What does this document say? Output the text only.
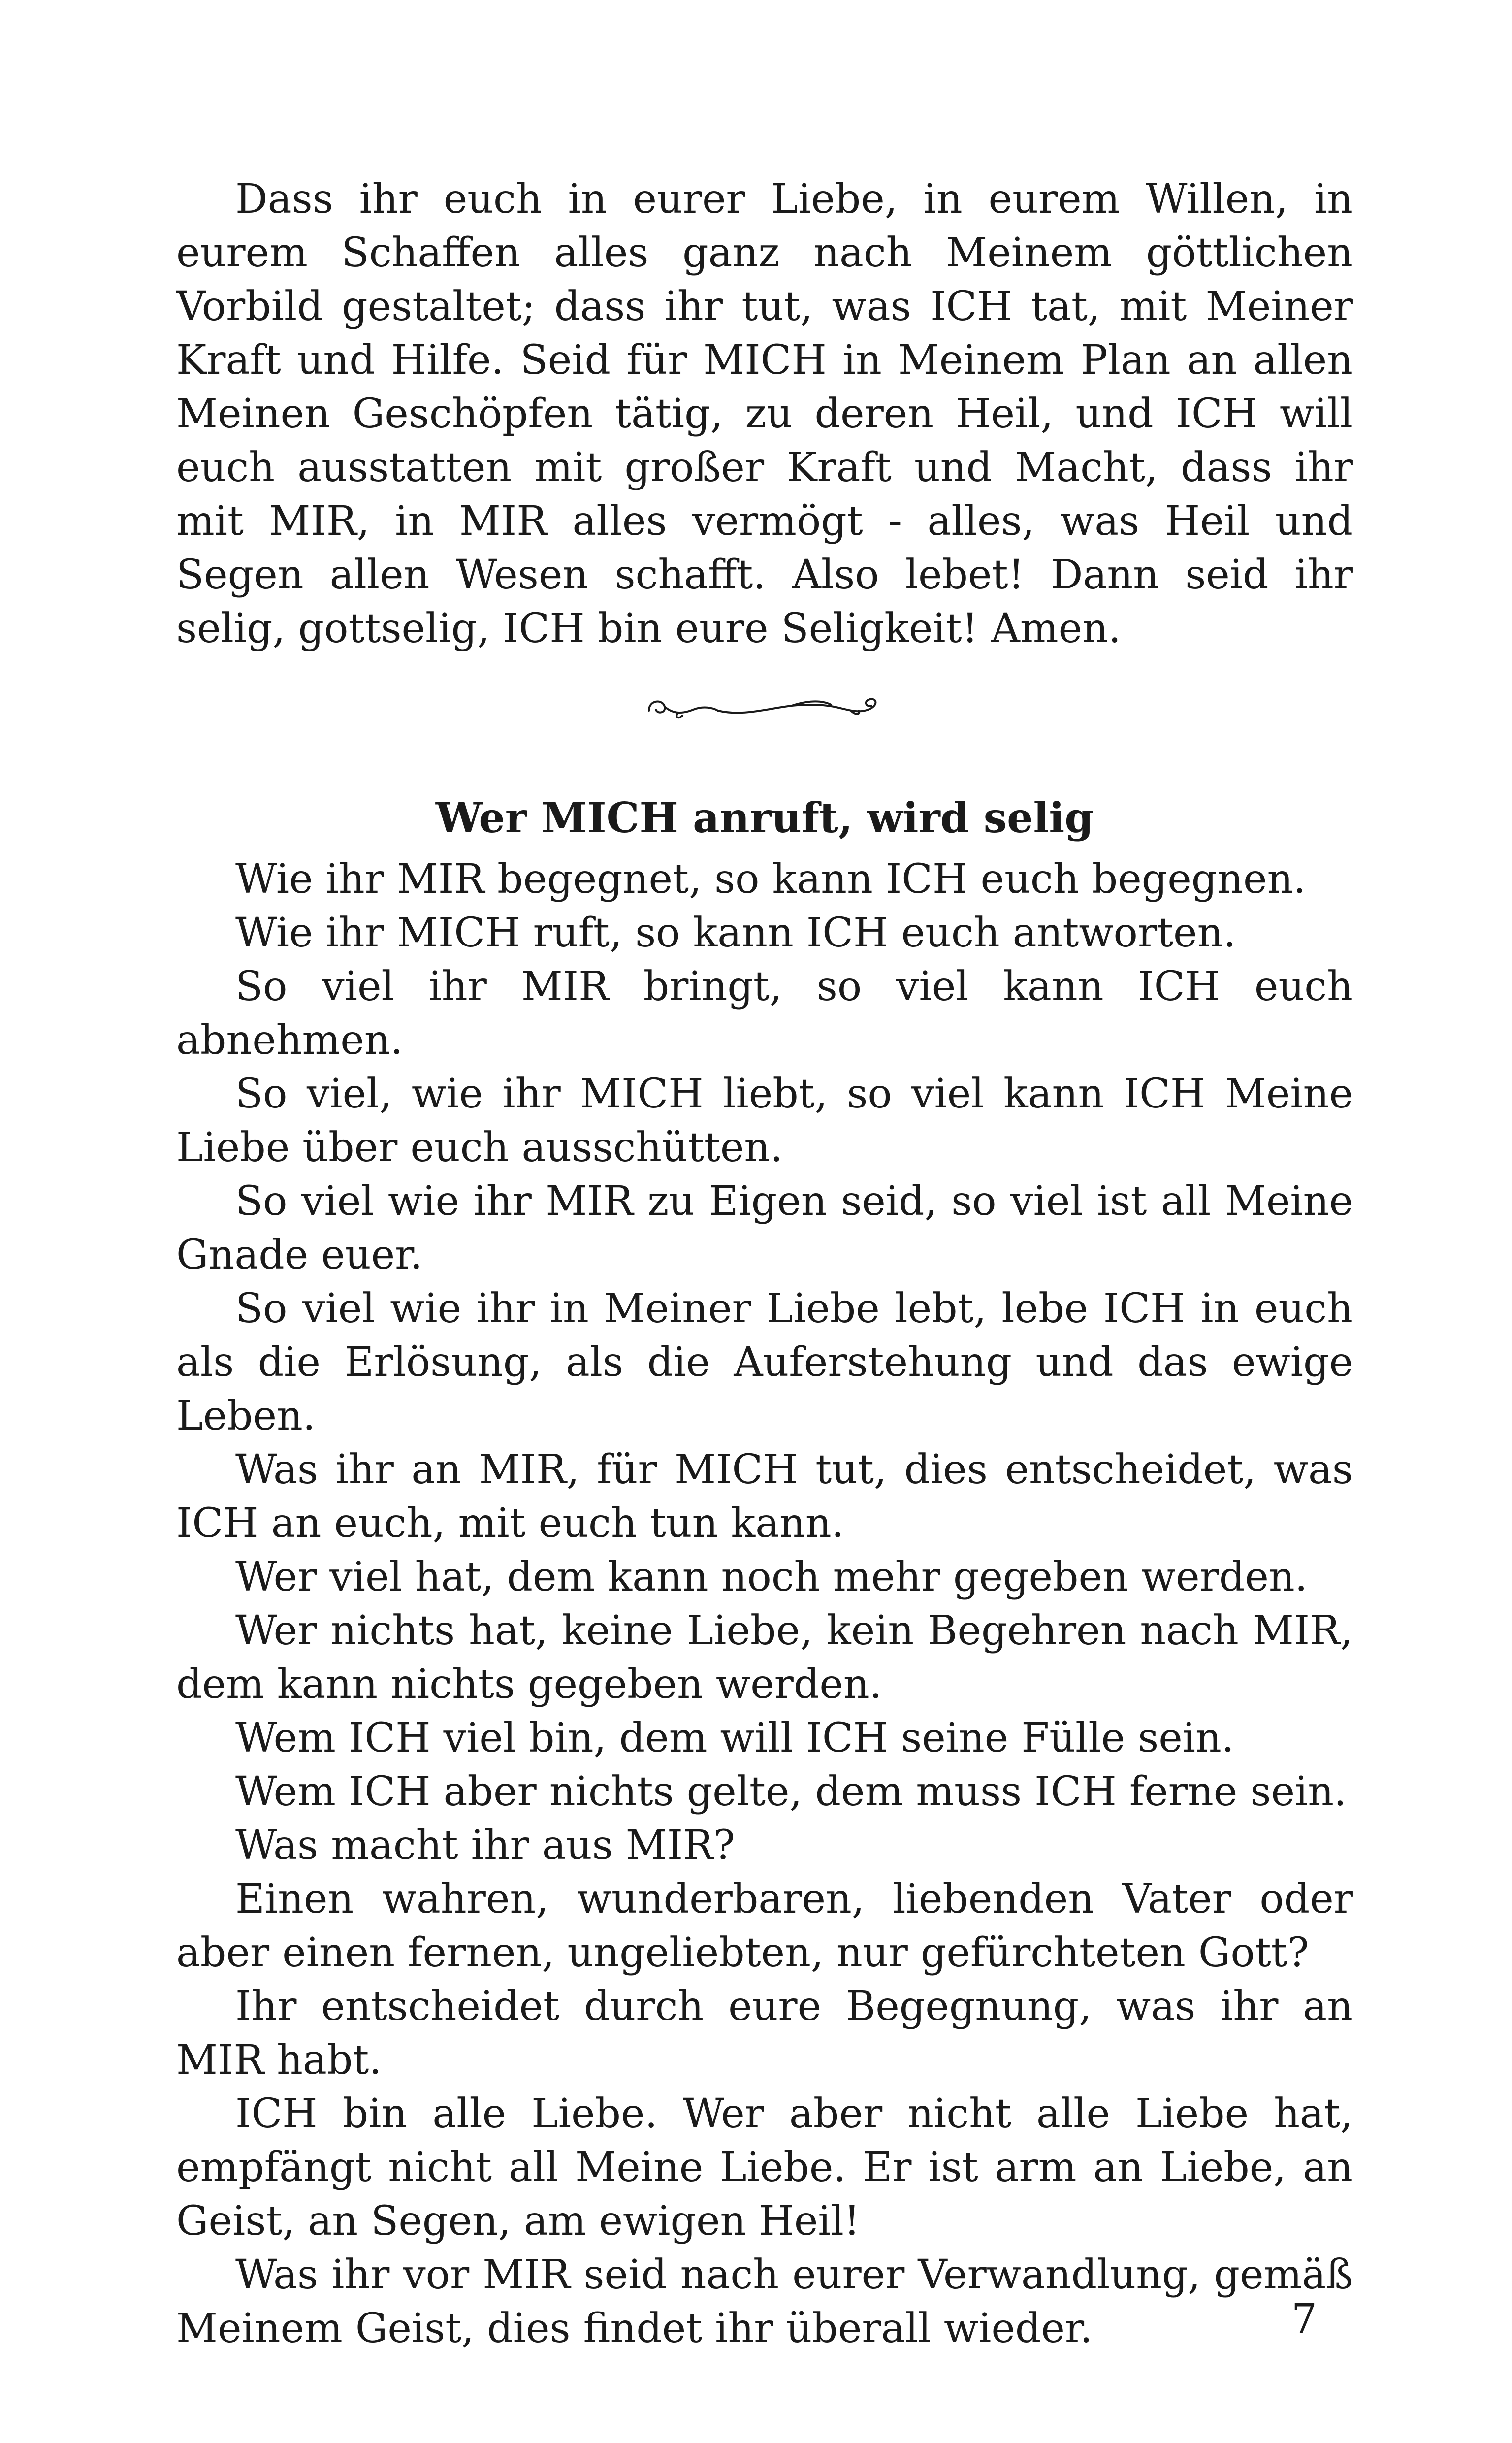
Dass ihr euch in eurer Liebe, in eurem Willen, in eurem Schaffen alles ganz nach Meinem göttlichen Vorbild gestaltet; dass ihr tut, was ICH tat, mit Meiner Kraft und Hilfe. Seid für MICH in Meinem Plan an allen Meinen Geschöpfen tätig, zu deren Heil, und ICH will euch ausstatten mit großer Kraft und Macht, dass ihr mit MIR, in MIR alles vermögt - alles, was Heil und Segen allen Wesen schafft. Also lebet! Dann seid ihr selig, gottselig, ICH bin eure Seligkeit! Amen.

Wer MICH anruft, wird selig

Wie ihr MIR begegnet, so kann ICH euch begegnen.

Wie ihr MICH ruft, so kann ICH euch antworten.

So viel ihr MIR bringt, so viel kann ICH euch abnehmen.

So viel, wie ihr MICH liebt, so viel kann ICH Meine Liebe über euch ausschütten.

So viel wie ihr MIR zu Eigen seid, so viel ist all Meine Gnade euer.

So viel wie ihr in Meiner Liebe lebt, lebe ICH in euch als die Erlösung, als die Auferstehung und das ewige Leben.

Was ihr an MIR, für MICH tut, dies entscheidet, was ICH an euch, mit euch tun kann.

Wer viel hat, dem kann noch mehr gegeben werden.

Wer nichts hat, keine Liebe, kein Begehren nach MIR, dem kann nichts gegeben werden.

Wem ICH viel bin, dem will ICH seine Fülle sein.

Wem ICH aber nichts gelte, dem muss ICH ferne sein.

Was macht ihr aus MIR?

Einen wahren, wunderbaren, liebenden Vater oder aber einen fernen, ungeliebten, nur gefürchteten Gott?

Ihr entscheidet durch eure Begegnung, was ihr an MIR habt.

ICH bin alle Liebe. Wer aber nicht alle Liebe hat, empfängt nicht all Meine Liebe. Er ist arm an Liebe, an Geist, an Segen, am ewigen Heil!

Was ihr vor MIR seid nach eurer Verwandlung, gemäß Meinem Geist, dies findet ihr überall wieder.	7
